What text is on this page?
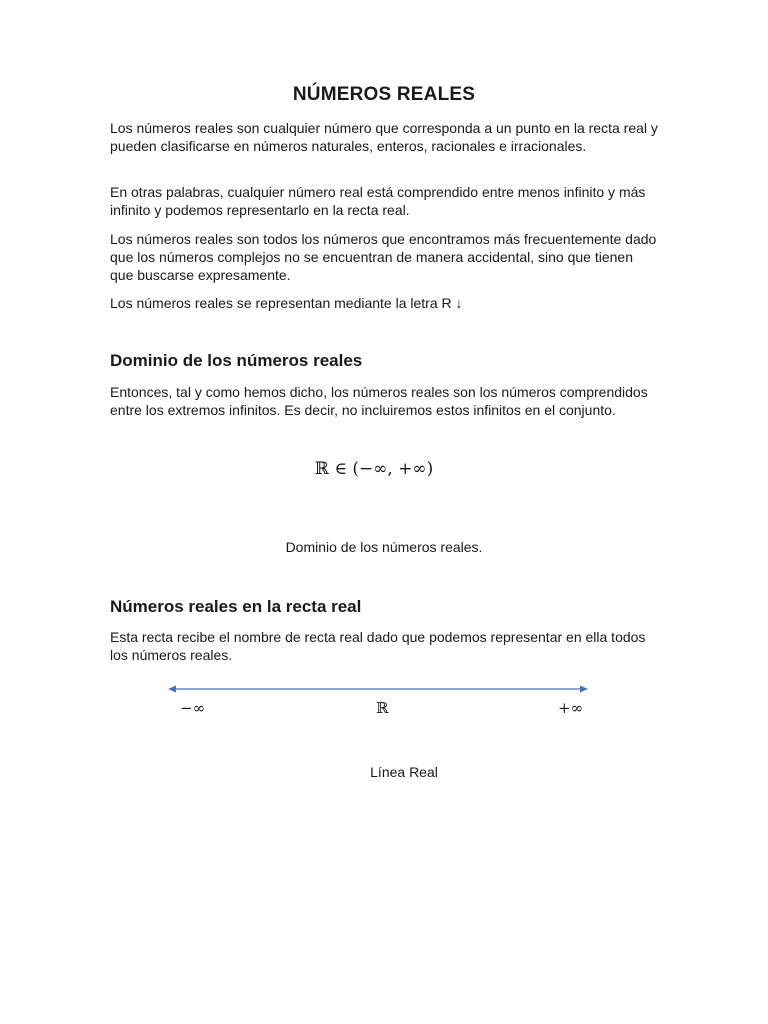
NÚMEROS REALES

Los números reales son cualquier número que corresponda a un punto en la recta real y pueden clasificarse en números naturales, enteros, racionales e irracionales.

En otras palabras, cualquier número real está comprendido entre menos infinito y más infinito y podemos representarlo en la recta real.

Los números reales son todos los números que encontramos más frecuentemente dado que los números complejos no se encuentran de manera accidental, sino que tienen que buscarse expresamente.

Los números reales se representan mediante la letra R ↓

Dominio de los números reales

Entonces, tal y como hemos dicho, los números reales son los números comprendidos entre los extremos infinitos. Es decir, no incluiremos estos infinitos en el conjunto.

ℝ ∈ (−∞, +∞)
Dominio de los números reales.
Números reales en la recta real

Esta recta recibe el nombre de recta real dado que podemos representar en ella todos los números reales.

−∞	ℝ	+∞
Línea Real
